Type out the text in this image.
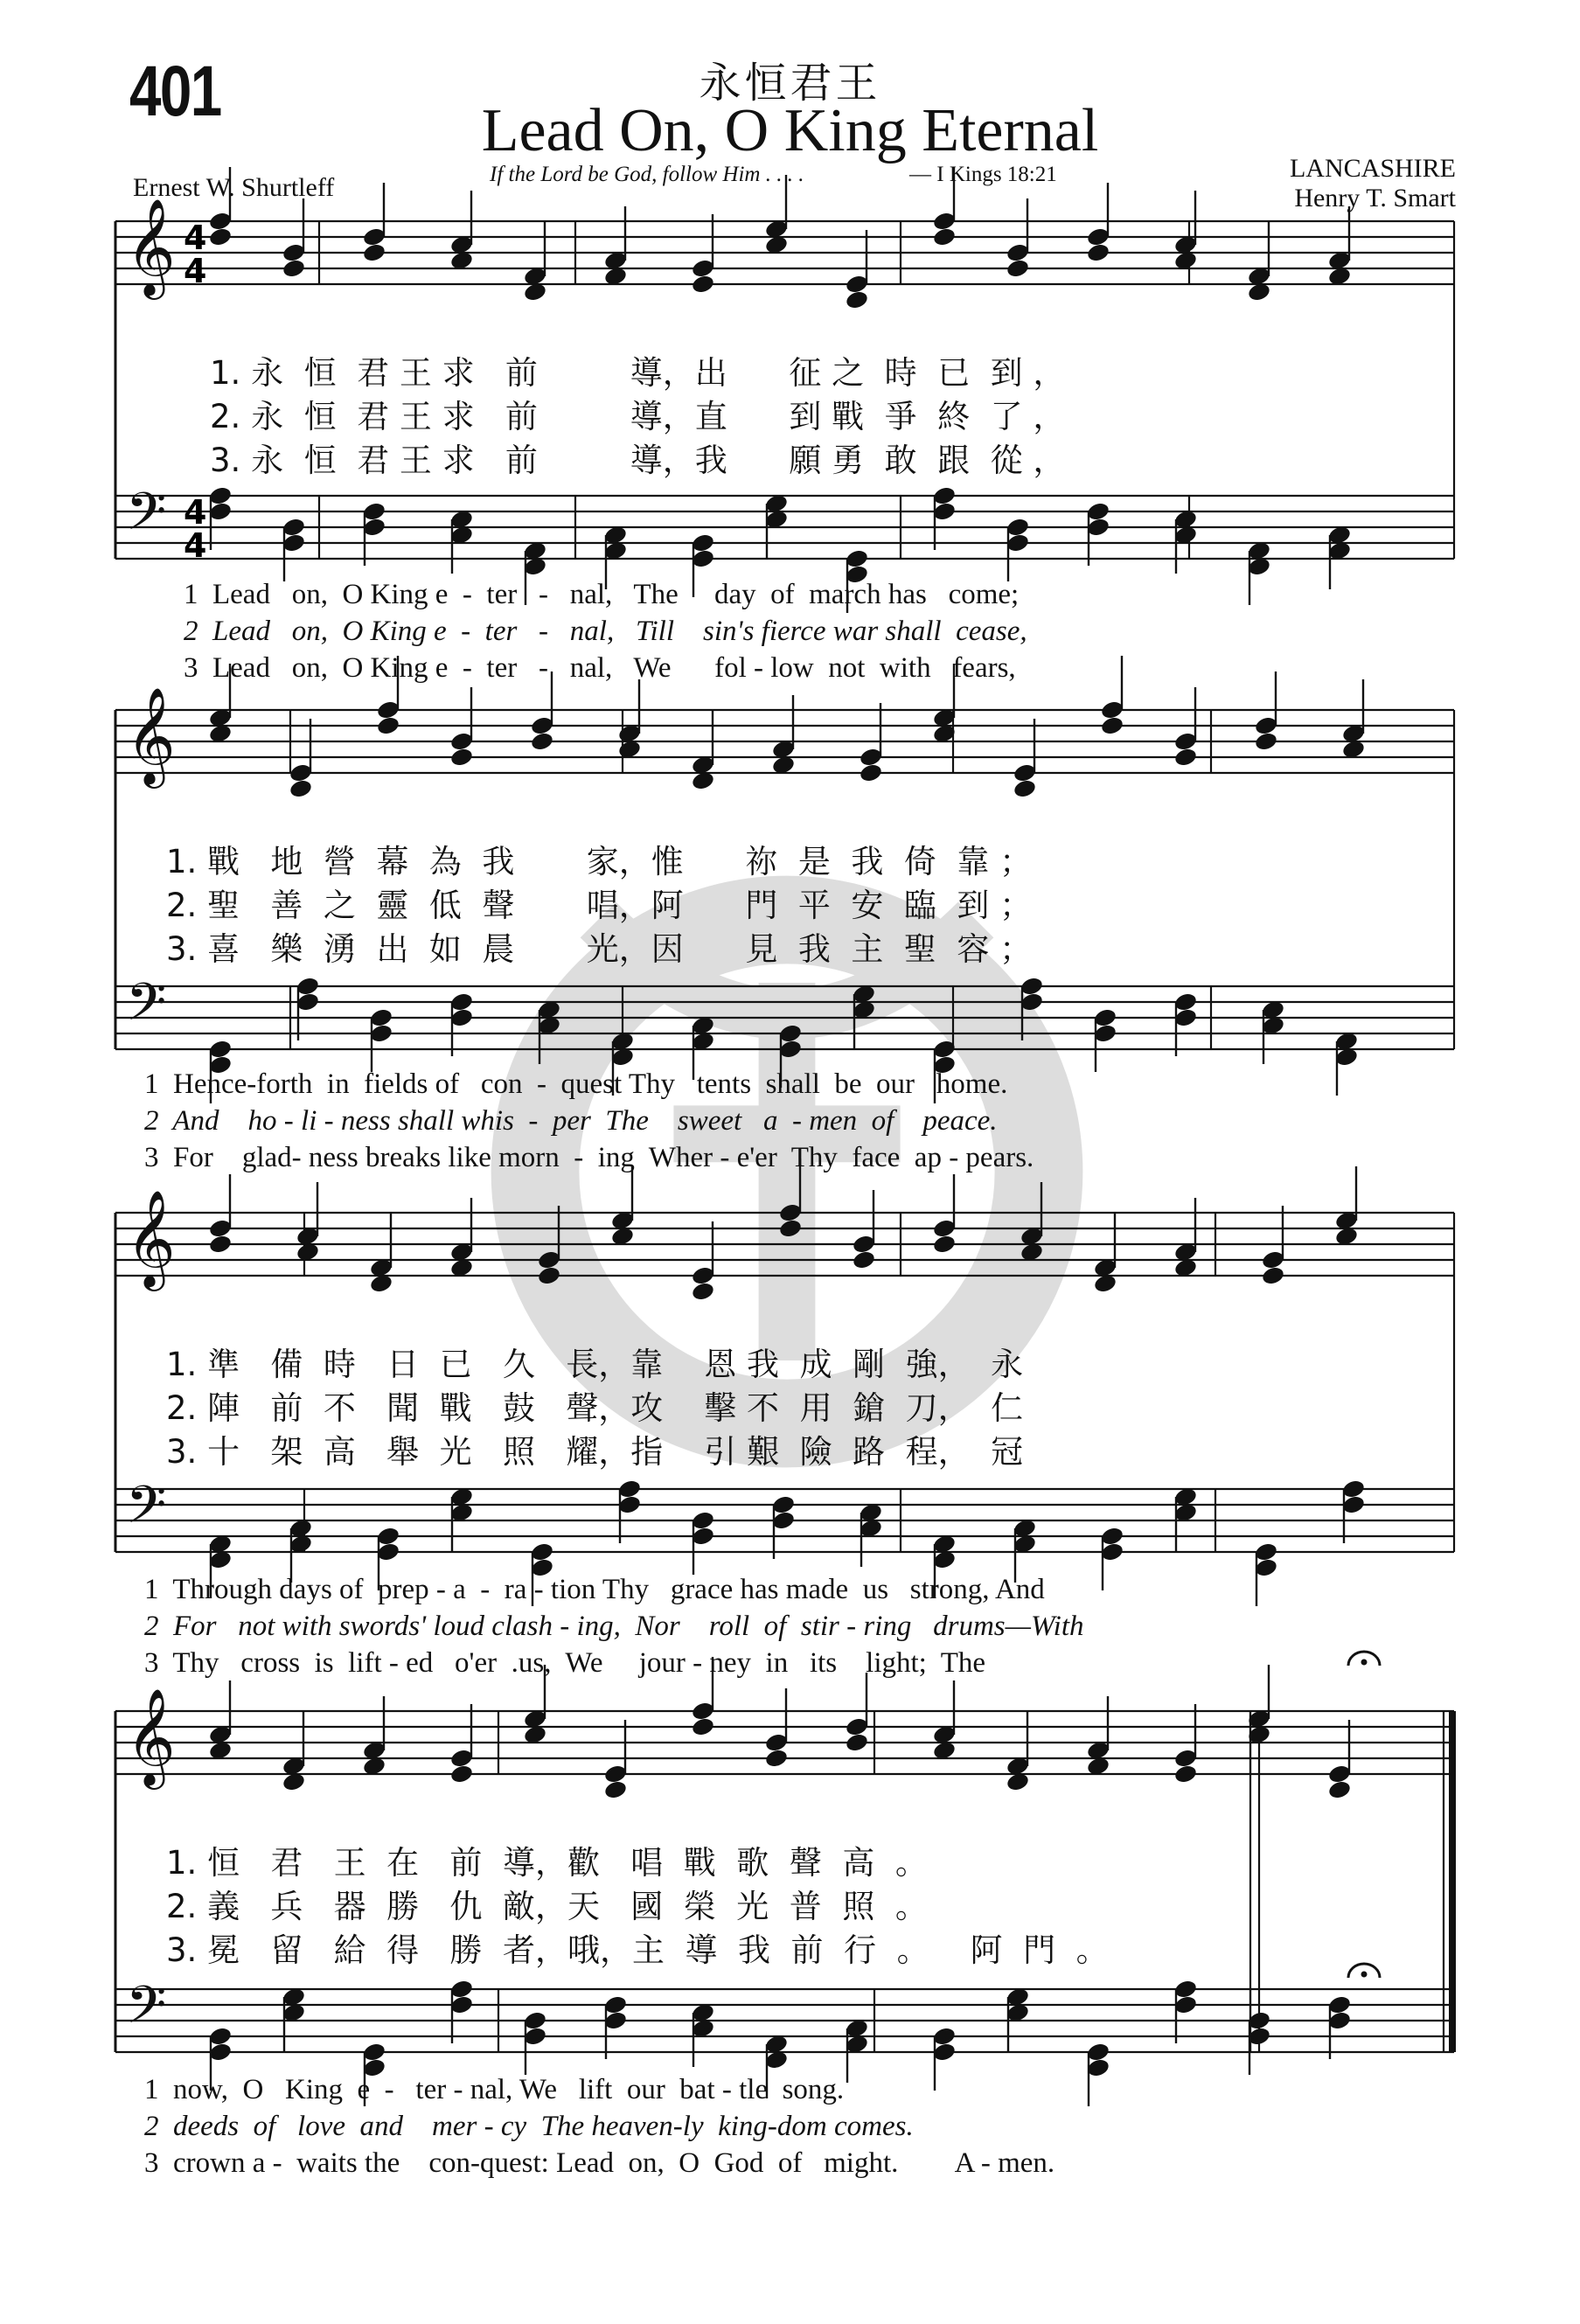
401	永恒君王
Lead On, O King Eternal
Ernest W. Shurtleff	If the Lord be God, follow Him . . . .	— I Kings 18:21	LANCASHIRE
Henry T. Smart
𝄞
𝄢
4
4
4
4
𝄞
𝄢
𝄞
𝄢
𝄞
𝄢
1. 永  恒  君 王 求   前         導，出      征 之  時  已  到 ，
2. 永  恒  君 王 求   前         導，直      到 戰  爭  終  了 ，
3. 永  恒  君 王 求   前         導，我      願 勇  敢  跟  從 ，
1  Lead   on,  O King e  -  ter   -   nal,   The     day  of  march has   come;
2  Lead   on,  O King e  -  ter   -   nal,   Till    sin's fierce war shall  cease,
3  Lead   on,  O King e  -  ter   -   nal,   We      fol - low  not  with   fears,
1. 戰   地  營  幕  為  我       家，惟      祢  是  我  倚  靠 ；
2. 聖   善  之  靈  低  聲       唱，阿      門  平  安  臨  到 ；
3. 喜   樂  湧  出  如  晨       光，因      見  我  主  聖  容 ；
1  Hence-forth  in  fields of   con  -  quest Thy   tents  shall  be  our   home.
2  And    ho - li - ness shall whis  -  per  The    sweet   a  - men  of    peace.
3  For    glad- ness breaks like morn  -  ing  Wher - e'er  Thy  face  ap - pears.
1. 準   備  時   日  已   久   長，靠    恩 我  成  剛  強，  永
2. 陣   前  不   聞  戰   鼓   聲，攻    擊 不  用  鎗  刀，  仁
3. 十   架  高   舉  光   照   耀，指    引 艱  險  路  程，  冠
1  Through days of  prep - a  -  ra - tion Thy   grace has made  us   strong, And
2  For   not with swords' loud clash - ing,  Nor    roll  of  stir - ring   drums—With
3  Thy   cross  is  lift - ed   o'er  .us,  We     jour - ney  in   its    light;  The
1. 恒   君   王  在   前  導，歡   唱  戰  歌  聲  高  。
2. 義   兵   器  勝   仇  敵，天   國  榮  光  普  照  。
3. 冕   留   給  得   勝  者，哦，主  導  我  前  行  。    阿  門  。
1  now,  O   King  e  -   ter - nal, We   lift  our  bat - tle  song.
2  deeds  of   love  and    mer - cy  The heaven-ly  king-dom comes.
3  crown a -  waits the    con-quest: Lead  on,  O  God  of   might.        A - men.
